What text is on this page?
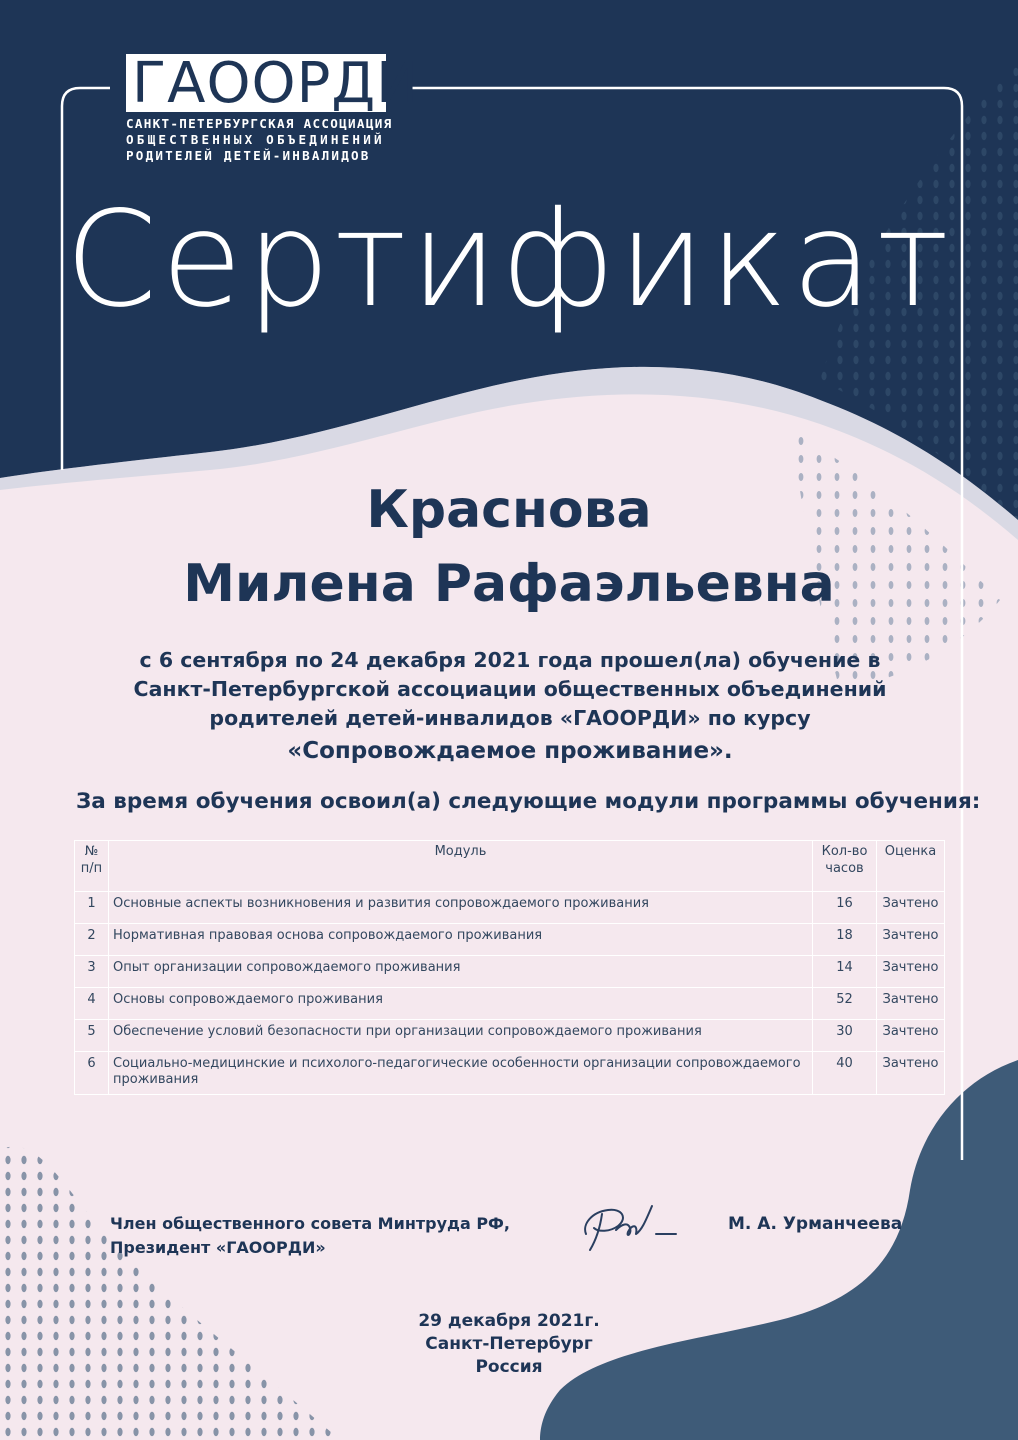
ГАООРДИ
САНКТ-ПЕТЕРБУРГСКАЯ АССОЦИАЦИЯ
ОБЩЕСТВЕННЫХ ОБЪЕДИНЕНИЙ
РОДИТЕЛЕЙ ДЕТЕЙ-ИНВАЛИДОВ
Сертификат
Краснова
Милена Рафаэльевна
с 6 сентября по 24 декабря 2021 года прошел(ла) обучение в
Санкт-Петербургской ассоциации общественных объединений
родителей детей-инвалидов «ГАООРДИ» по курсу
«Сопровождаемое проживание».
За время обучения освоил(а) следующие модули программы обучения:
№ п/п	Модуль	Кол-во часов	Оценка
1	Основные аспекты возникновения и развития сопровождаемого проживания	16	Зачтено
2	Нормативная правовая основа сопровождаемого проживания	18	Зачтено
3	Опыт организации сопровождаемого проживания	14	Зачтено
4	Основы сопровождаемого проживания	52	Зачтено
5	Обеспечение условий безопасности при организации сопровождаемого проживания	30	Зачтено
6	Социально-медицинские и психолого-педагогические особенности организации сопровождаемого проживания	40	Зачтено
Член общественного совета Минтруда РФ,
Президент «ГАООРДИ»
М. А. Урманчеева
29 декабря 2021г.
Санкт-Петербург
Россия
